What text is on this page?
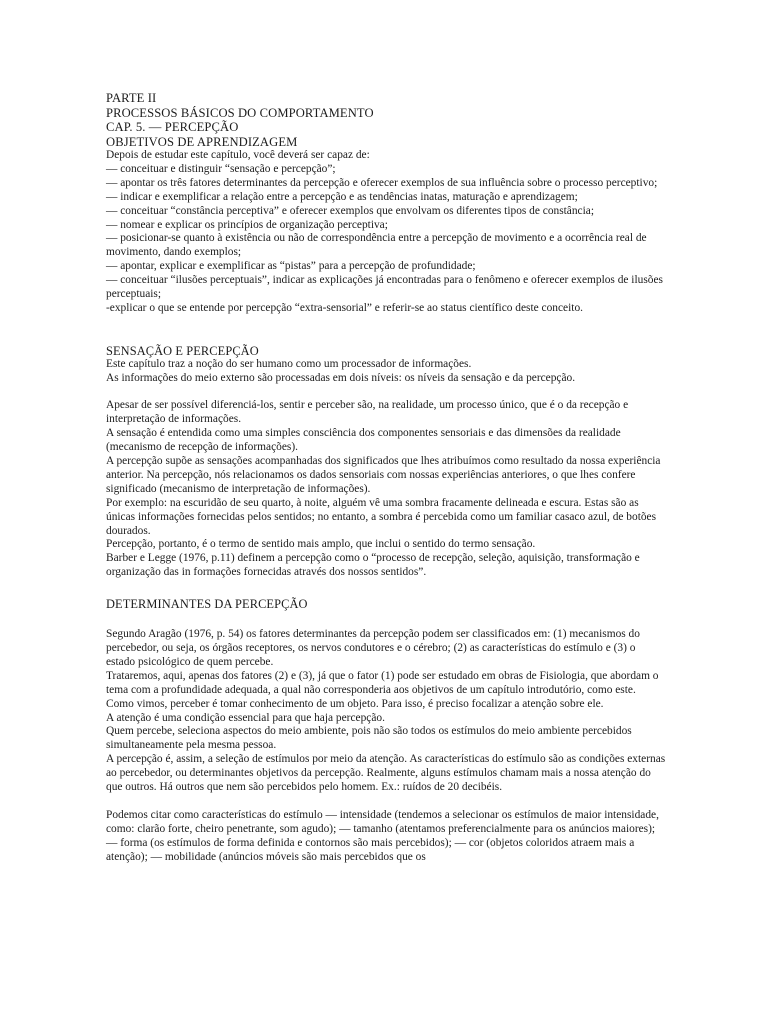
PARTE II
PROCESSOS BÁSICOS DO COMPORTAMENTO
CAP. 5. — PERCEPÇÃO
OBJETIVOS DE APRENDIZAGEM
Depois de estudar este capítulo, você deverá ser capaz de:
— conceituar e distinguir “sensação e percepção”;
— apontar os três fatores determinantes da percepção e oferecer exemplos de sua influência sobre o processo perceptivo;
— indicar e exemplificar a relação entre a percepção e as tendências inatas, maturação e aprendizagem;
— conceituar “constância perceptiva” e oferecer exemplos que envolvam os diferentes tipos de constância;
— nomear e explicar os princípios de organização perceptiva;
— posicionar-se quanto à existência ou não de correspondência entre a percepção de movimento e a ocorrência real de movimento, dando exemplos;
— apontar, explicar e exemplificar as “pistas” para a percepção de profundidade;
— conceituar “ilusões perceptuais”, indicar as explicações já encontradas para o fenômeno e oferecer exemplos de ilusões perceptuais;
-explicar o que se entende por percepção “extra-sensorial” e referir-se ao status científico deste conceito.
SENSAÇÃO E PERCEPÇÃO
Este capítulo traz a noção do ser humano como um processador de informações.
As informações do meio externo são processadas em dois níveis: os níveis da sensação e da percepção.
Apesar de ser possível diferenciá-los, sentir e perceber são, na realidade, um processo único, que é o da recepção e interpretação de informações.
A sensação é entendida como uma simples consciência dos componentes sensoriais e das dimensões da realidade (mecanismo de recepção de informações).
A percepção supõe as sensações acompanhadas dos significados que lhes atribuímos como resultado da nossa experiência anterior. Na percepção, nós relacionamos os dados sensoriais com nossas experiências anteriores, o que lhes confere significado (mecanismo de interpretação de informações).
Por exemplo: na escuridão de seu quarto, à noite, alguém vê uma sombra fracamente delineada e escura. Estas são as únicas informações fornecidas pelos sentidos; no entanto, a sombra é percebida como um familiar casaco azul, de botões dourados.
Percepção, portanto, é o termo de sentido mais amplo, que inclui o sentido do termo sensação.
Barber e Legge (1976, p.11) definem a percepção como o “processo de recepção, seleção, aquisição, transformação e organização das in formações fornecidas através dos nossos sentidos”.
DETERMINANTES DA PERCEPÇÃO
Segundo Aragão (1976, p. 54) os fatores determinantes da percepção podem ser classificados em: (1) mecanismos do percebedor, ou seja, os órgãos receptores, os nervos condutores e o cérebro; (2) as características do estímulo e (3) o estado psicológico de quem percebe.
Trataremos, aqui, apenas dos fatores (2) e (3), já que o fator (1) pode ser estudado em obras de Fisiologia, que abordam o tema com a profundidade adequada, a qual não corresponderia aos objetivos de um capítulo introdutório, como este.
Como vimos, perceber é tomar conhecimento de um objeto. Para isso, é preciso focalizar a atenção sobre ele.
A atenção é uma condição essencial para que haja percepção.
Quem percebe, seleciona aspectos do meio ambiente, pois não são todos os estímulos do meio ambiente percebidos simultaneamente pela mesma pessoa.
A percepção é, assim, a seleção de estímulos por meio da atenção. As características do estímulo são as condições externas ao percebedor, ou determinantes objetivos da percepção. Realmente, alguns estímulos chamam mais a nossa atenção do que outros. Há outros que nem são percebidos pelo homem. Ex.: ruídos de 20 decibéis.
Podemos citar como características do estímulo — intensidade (tendemos a selecionar os estímulos de maior intensidade, como: clarão forte, cheiro penetrante, som agudo); — tamanho (atentamos preferencialmente para os anúncios maiores); — forma (os estímulos de forma definida e contornos são mais percebidos); — cor (objetos coloridos atraem mais a atenção); — mobilidade (anúncios móveis são mais percebidos que os
